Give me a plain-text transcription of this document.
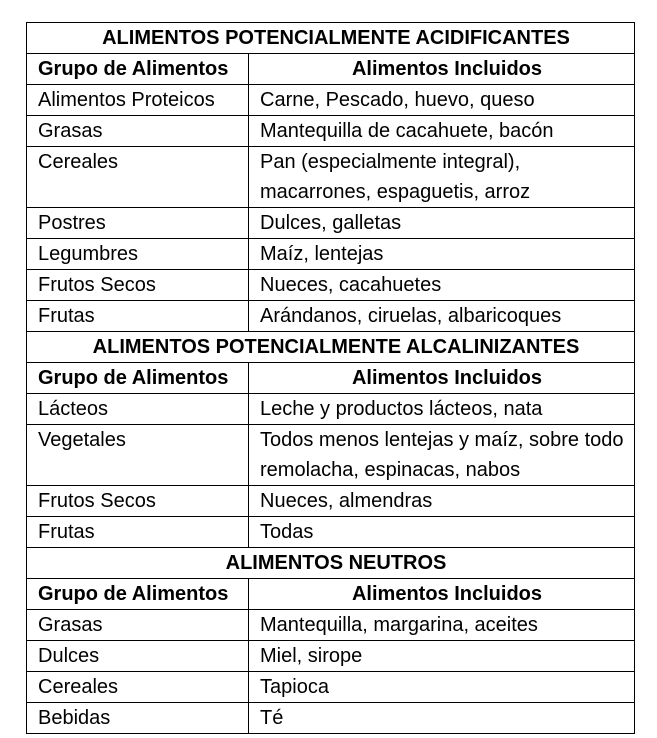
ALIMENTOS POTENCIALMENTE ACIDIFICANTES	
Grupo de Alimentos	Alimentos Incluidos
Alimentos Proteicos	Carne, Pescado, huevo, queso
Grasas	Mantequilla de cacahuete, bacón
Cereales	Pan (especialmente integral), macarrones, espaguetis, arroz
Postres	Dulces, galletas
Legumbres	Maíz, lentejas
Frutos Secos	Nueces, cacahuetes
Frutas	Arándanos, ciruelas, albaricoques
ALIMENTOS POTENCIALMENTE ALCALINIZANTES	
Grupo de Alimentos	Alimentos Incluidos
Lácteos	Leche y productos lácteos, nata
Vegetales	Todos menos lentejas y maíz, sobre todo remolacha, espinacas, nabos
Frutos Secos	Nueces, almendras
Frutas	Todas
ALIMENTOS NEUTROS	
Grupo de Alimentos	Alimentos Incluidos
Grasas	Mantequilla, margarina, aceites
Dulces	Miel, sirope
Cereales	Tapioca
Bebidas	Té
